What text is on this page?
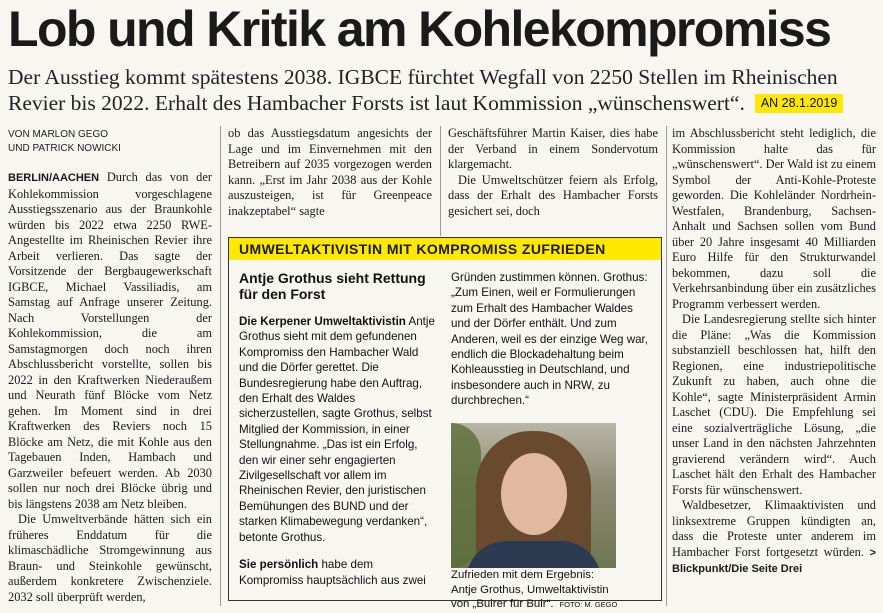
Lob und Kritik am Kohlekompromiss
Der Ausstieg kommt spätestens 2038. IGBCE fürchtet Wegfall von 2250 Stellen im Rheinischen Revier bis 2022. Erhalt des Hambacher Forsts ist laut Kommission „wünschenswert“. AN 28.1.2019
VON MARLON GEGO
UND PATRICK NOWICKI

BERLIN/AACHEN Durch das von der Kohlekommission vorgeschlagene Ausstiegsszenario aus der Braunkohle würden bis 2022 etwa 2250 RWE-Angestellte im Rheinischen Revier ihre Arbeit verlieren. Das sagte der Vorsitzende der Bergbaugewerkschaft IGBCE, Michael Vassiliadis, am Samstag auf Anfrage unserer Zeitung. Nach Vorstellungen der Kohlekommission, die am Samstagmorgen doch noch ihren Abschlussbericht vorstellte, sollen bis 2022 in den Kraftwerken Niederaußem und Neurath fünf Blöcke vom Netz gehen. Im Moment sind in drei Kraftwerken des Reviers noch 15 Blöcke am Netz, die mit Kohle aus den Tagebauen Inden, Hambach und Garzweiler befeuert werden. Ab 2030 sollen nur noch drei Blöcke übrig und bis längstens 2038 am Netz bleiben.

Die Umweltverbände hätten sich ein früheres Enddatum für die klimaschädliche Stromgewinnung aus Braun- und Steinkohle gewünscht, außerdem konkretere Zwischenziele. 2032 soll überprüft werden,

ob das Ausstiegsdatum angesichts der Lage und im Einvernehmen mit den Betreibern auf 2035 vorgezogen werden kann. „Erst im Jahr 2038 aus der Kohle auszusteigen, ist für Greenpeace inakzeptabel“ sagte

Geschäftsführer Martin Kaiser, dies habe der Verband in einem Sondervotum klargemacht.

Die Umweltschützer feiern als Erfolg, dass der Erhalt des Hambacher Forsts gesichert sei, doch

im Abschlussbericht steht lediglich, die Kommission halte das für „wünschenswert“. Der Wald ist zu einem Symbol der Anti-Kohle-Proteste geworden. Die Kohleländer Nordrhein-Westfalen, Brandenburg, Sachsen-Anhalt und Sachsen sollen vom Bund über 20 Jahre insgesamt 40 Milliarden Euro Hilfe für den Strukturwandel bekommen, dazu soll die Verkehrsanbindung über ein zusätzliches Programm verbessert werden.

Die Landesregierung stellte sich hinter die Pläne: „Was die Kommission substanziell beschlossen hat, hilft den Regionen, eine industriepolitische Zukunft zu haben, auch ohne die Kohle“, sagte Ministerpräsident Armin Laschet (CDU). Die Empfehlung sei eine sozialverträgliche Lösung, „die unser Land in den nächsten Jahrzehnten gravierend verändern wird“. Auch Laschet hält den Erhalt des Hambacher Forsts für wünschenswert.

Waldbesetzer, Klimaaktivisten und linksextreme Gruppen kündigten an, dass die Proteste unter anderem im Hambacher Forst fortgesetzt würden. > Blickpunkt/Die Seite Drei

UMWELTAKTIVISTIN MIT KOMPROMISS ZUFRIEDEN

Antje Grothus sieht Rettung für den Forst

Die Kerpener Umweltaktivistin Antje Grothus sieht mit dem gefundenen Kompromiss den Hambacher Wald und die Dörfer gerettet. Die Bundesregierung habe den Auftrag, den Erhalt des Waldes sicherzustellen, sagte Grothus, selbst Mitglied der Kommission, in einer Stellungnahme. „Das ist ein Erfolg, den wir einer sehr engagierten Zivilgesellschaft vor allem im Rheinischen Revier, den juristischen Bemühungen des BUND und der starken Klimabewegung verdanken“, betonte Grothus.

Sie persönlich habe dem Kompromiss hauptsächlich aus zwei

Gründen zustimmen können. Grothus: „Zum Einen, weil er Formulierungen zum Erhalt des Hambacher Waldes und der Dörfer enthält. Und zum Anderen, weil es der einzige Weg war, endlich die Blockadehaltung beim Kohleausstieg in Deutschland, und insbesondere auch in NRW, zu durchbrechen.“

Zufrieden mit dem Ergebnis:
Antje Grothus, Umweltaktivistin
von „Buirer für Buir“. FOTO: M. GEGO
